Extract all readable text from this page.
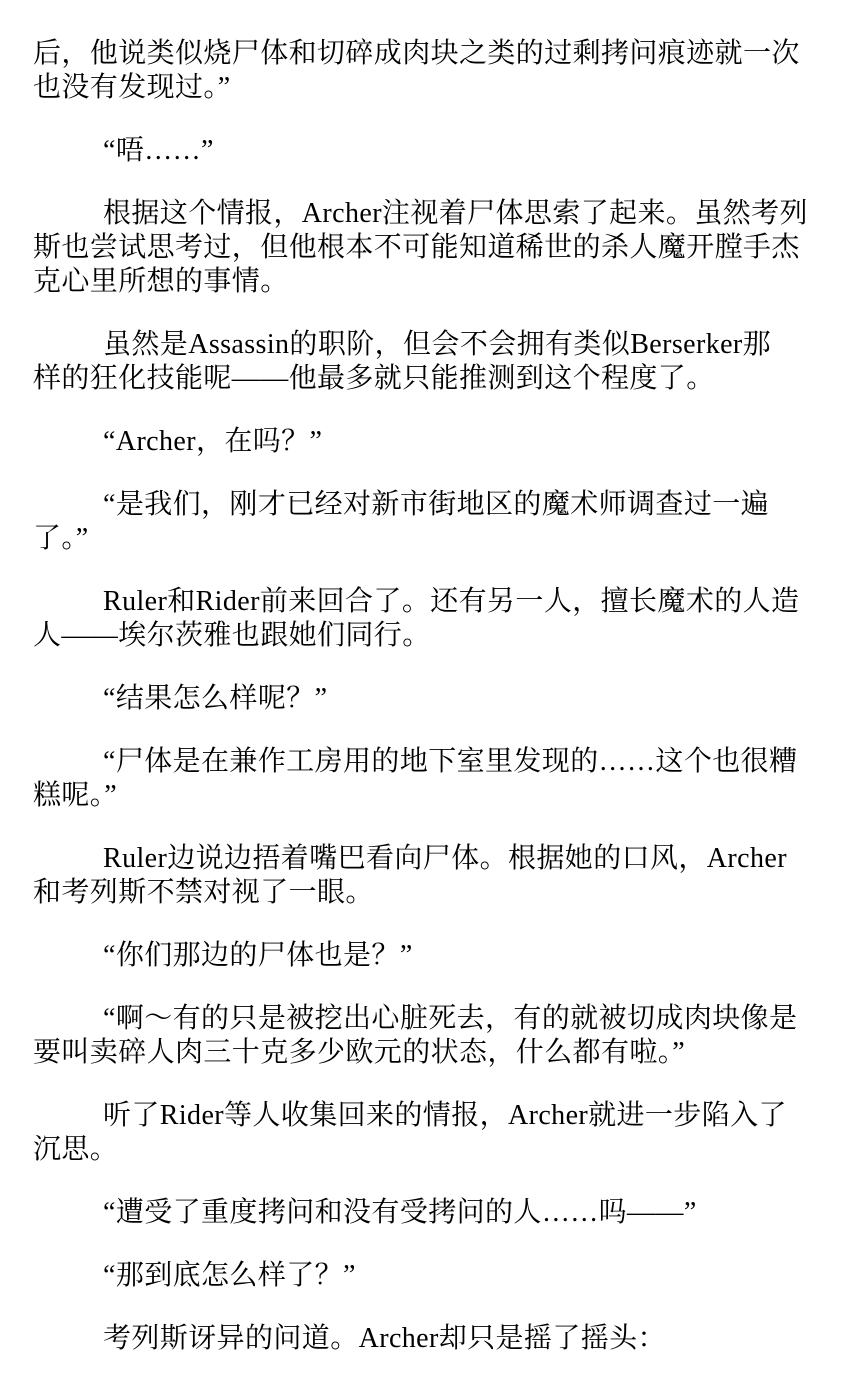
后，他说类似烧尸体和切碎成肉块之类的过剩拷问痕迹就一次
也没有发现过。”

“唔……”

根据这个情报，Archer注视着尸体思索了起来。虽然考列
斯也尝试思考过，但他根本不可能知道稀世的杀人魔开膛手杰
克心里所想的事情。

虽然是Assassin的职阶，但会不会拥有类似Berserker那
样的狂化技能呢——他最多就只能推测到这个程度了。

“Archer，在吗？”

“是我们，刚才已经对新市街地区的魔术师调查过一遍
了。”

Ruler和Rider前来回合了。还有另一人，擅长魔术的人造
人——埃尔茨雅也跟她们同行。

“结果怎么样呢？”

“尸体是在兼作工房用的地下室里发现的……这个也很糟
糕呢。”

Ruler边说边捂着嘴巴看向尸体。根据她的口风，Archer
和考列斯不禁对视了一眼。

“你们那边的尸体也是？”

“啊～有的只是被挖出心脏死去，有的就被切成肉块像是
要叫卖碎人肉三十克多少欧元的状态，什么都有啦。”

听了Rider等人收集回来的情报，Archer就进一步陷入了
沉思。

“遭受了重度拷问和没有受拷问的人……吗——”

“那到底怎么样了？”

考列斯讶异的问道。Archer却只是摇了摇头：
